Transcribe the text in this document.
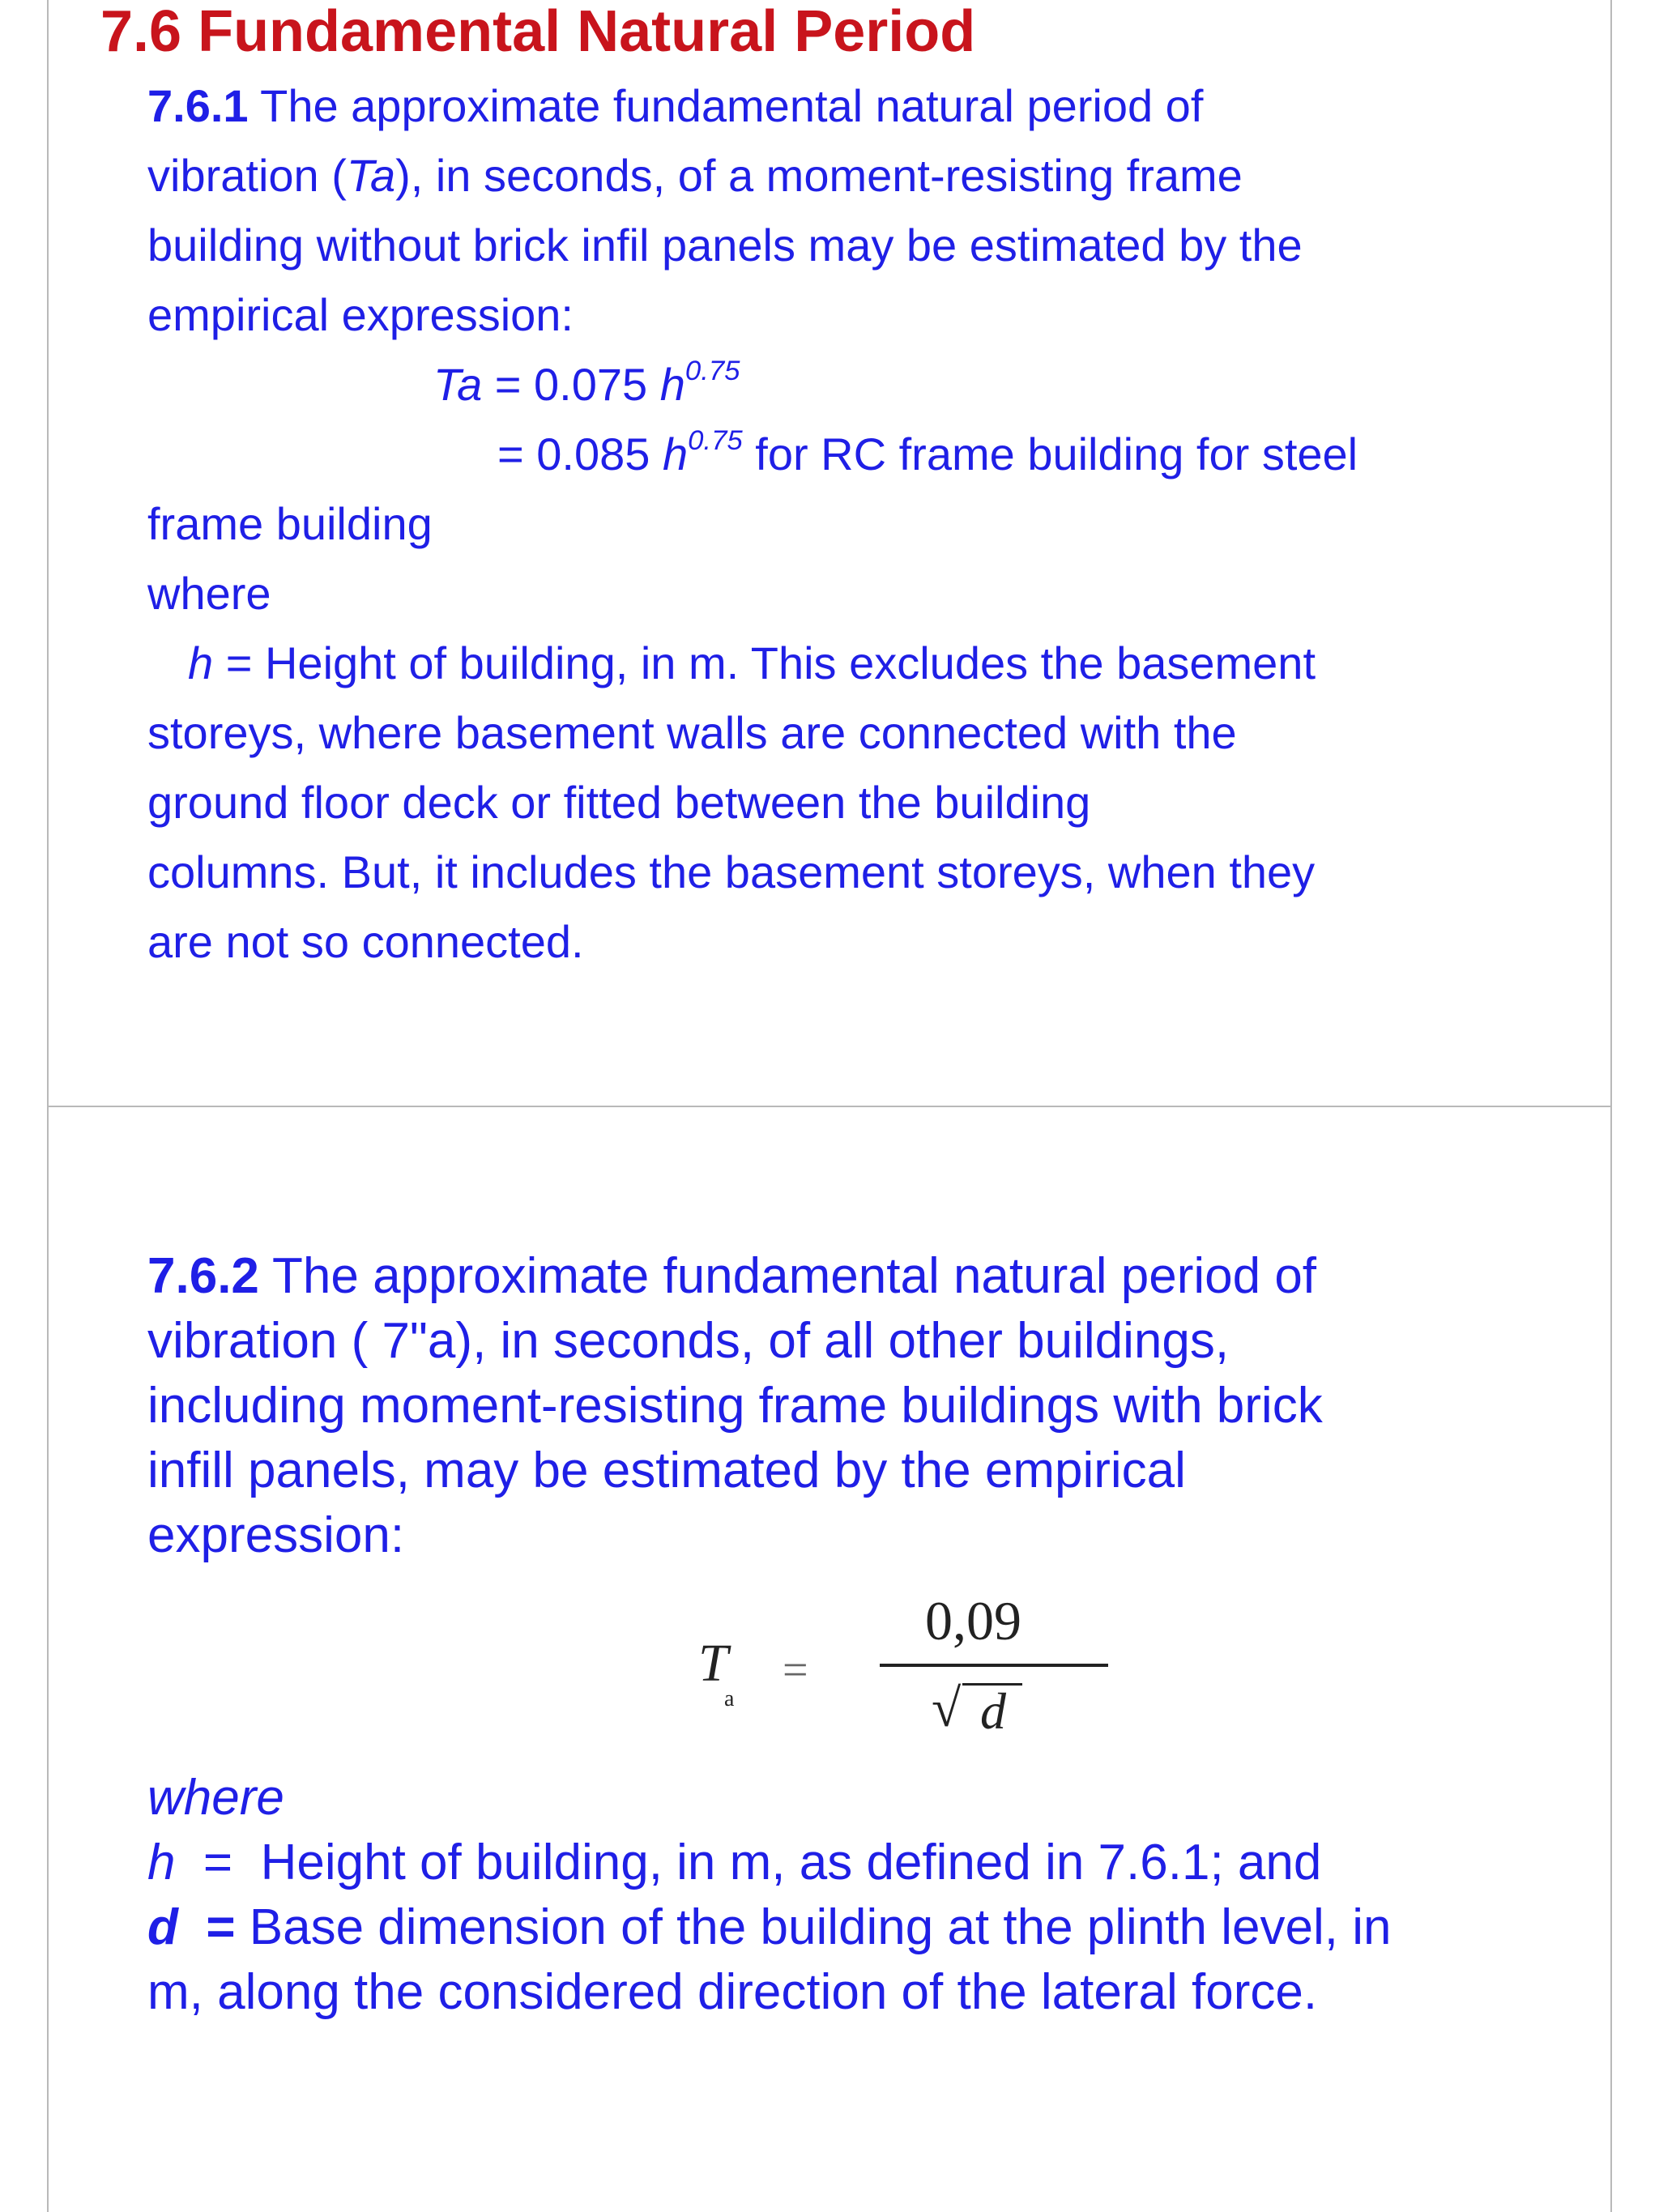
7.6 Fundamental Natural Period

7.6.1 The approximate fundamental natural period of

vibration (Ta), in seconds, of a moment-resisting frame

building without brick infil panels may be estimated by the

empirical expression:

Ta = 0.075 $h^{0.75}$

= 0.085 $h^{0.75}$ for RC frame building for steel

frame building

where

h = Height of building, in m. This excludes the basement

storeys, where basement walls are connected with the

ground floor deck or fitted between the building

columns. But, it includes the basement storeys, when they

are not so connected.

7.6.2 The approximate fundamental natural period of

vibration ( 7"a), in seconds, of all other buildings,

including moment-resisting frame buildings with brick

infill panels, may be estimated by the empirical

expression:

T
a
=
0,09
√ d

where

h  =  Height of building, in m, as defined in 7.6.1; and

d  = Base dimension of the building at the plinth level, in

m, along the considered direction of the lateral force.
